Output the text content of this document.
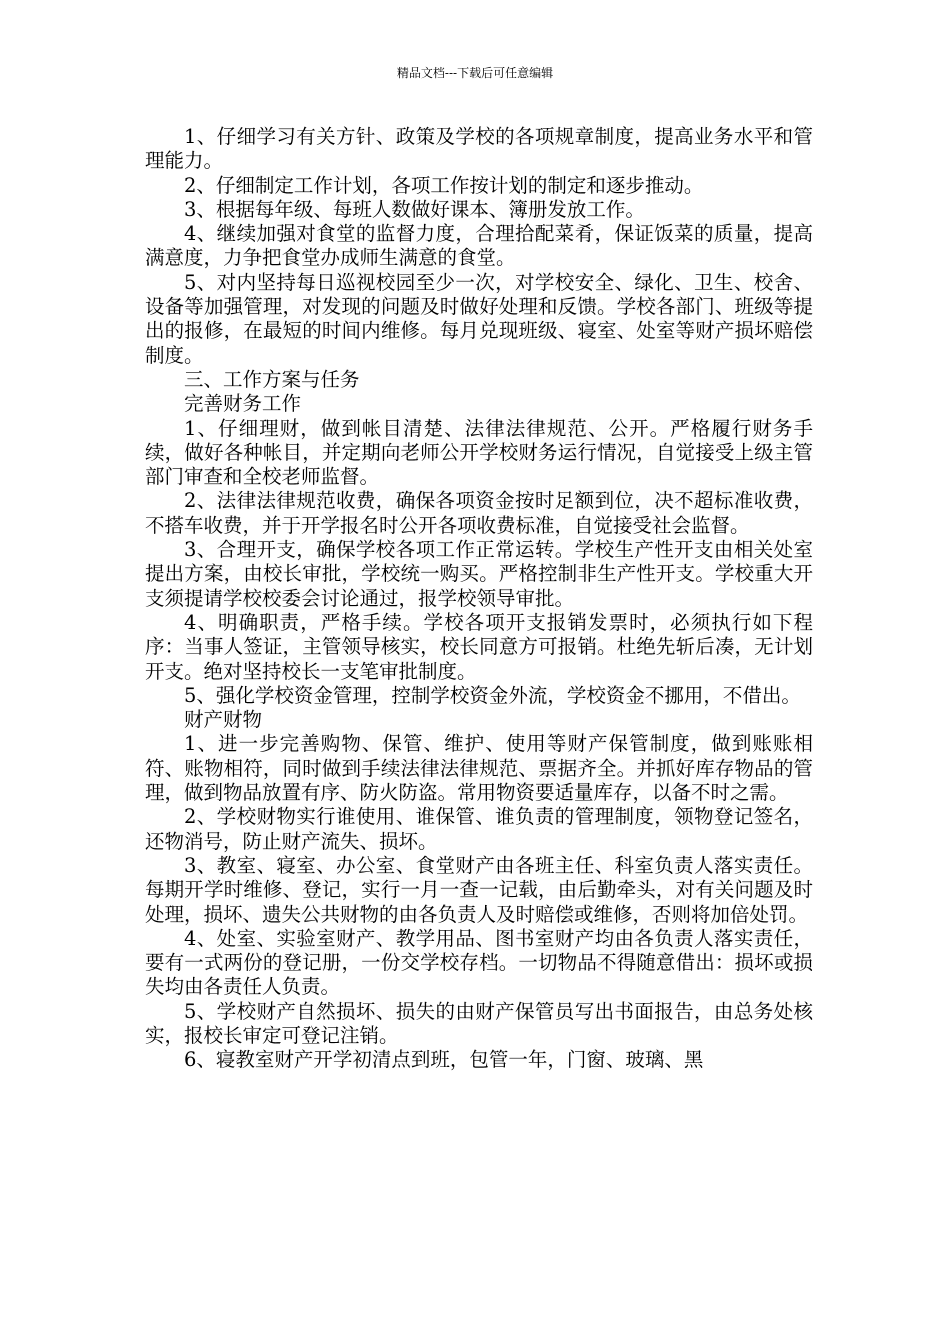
精品文档---下载后可任意编辑

1、仔细学习有关方针、政策及学校的各项规章制度，提高业务水平和管理能力。

2、仔细制定工作计划，各项工作按计划的制定和逐步推动。

3、根据每年级、每班人数做好课本、簿册发放工作。

4、继续加强对食堂的监督力度，合理拾配菜肴，保证饭菜的质量，提高满意度，力争把食堂办成师生满意的食堂。

5、对内坚持每日巡视校园至少一次，对学校安全、绿化、卫生、校舍、设备等加强管理，对发现的问题及时做好处理和反馈。学校各部门、班级等提出的报修，在最短的时间内维修。每月兑现班级、寝室、处室等财产损坏赔偿制度。

三、工作方案与任务

完善财务工作

1、仔细理财，做到帐目清楚、法律法律规范、公开。严格履行财务手续，做好各种帐目，并定期向老师公开学校财务运行情况，自觉接受上级主管部门审查和全校老师监督。

2、法律法律规范收费，确保各项资金按时足额到位，决不超标准收费，不搭车收费，并于开学报名时公开各项收费标准，自觉接受社会监督。

3、合理开支，确保学校各项工作正常运转。学校生产性开支由相关处室提出方案，由校长审批，学校统一购买。严格控制非生产性开支。学校重大开支须提请学校校委会讨论通过，报学校领导审批。

4、明确职责，严格手续。学校各项开支报销发票时，必须执行如下程序：当事人签证，主管领导核实，校长同意方可报销。杜绝先斩后凑，无计划开支。绝对坚持校长一支笔审批制度。

5、强化学校资金管理，控制学校资金外流，学校资金不挪用，不借出。

财产财物

1、进一步完善购物、保管、维护、使用等财产保管制度，做到账账相符、账物相符，同时做到手续法律法律规范、票据齐全。并抓好库存物品的管理，做到物品放置有序、防火防盗。常用物资要适量库存，以备不时之需。

2、学校财物实行谁使用、谁保管、谁负责的管理制度，领物登记签名，还物消号，防止财产流失、损坏。

3、教室、寝室、办公室、食堂财产由各班主任、科室负责人落实责任。每期开学时维修、登记，实行一月一查一记载，由后勤牵头，对有关问题及时处理，损坏、遗失公共财物的由各负责人及时赔偿或维修，否则将加倍处罚。

4、处室、实验室财产、教学用品、图书室财产均由各负责人落实责任，要有一式两份的登记册，一份交学校存档。一切物品不得随意借出：损坏或损失均由各责任人负责。

5、学校财产自然损坏、损失的由财产保管员写出书面报告，由总务处核实，报校长审定可登记注销。

6、寝教室财产开学初清点到班，包管一年，门窗、玻璃、黑
